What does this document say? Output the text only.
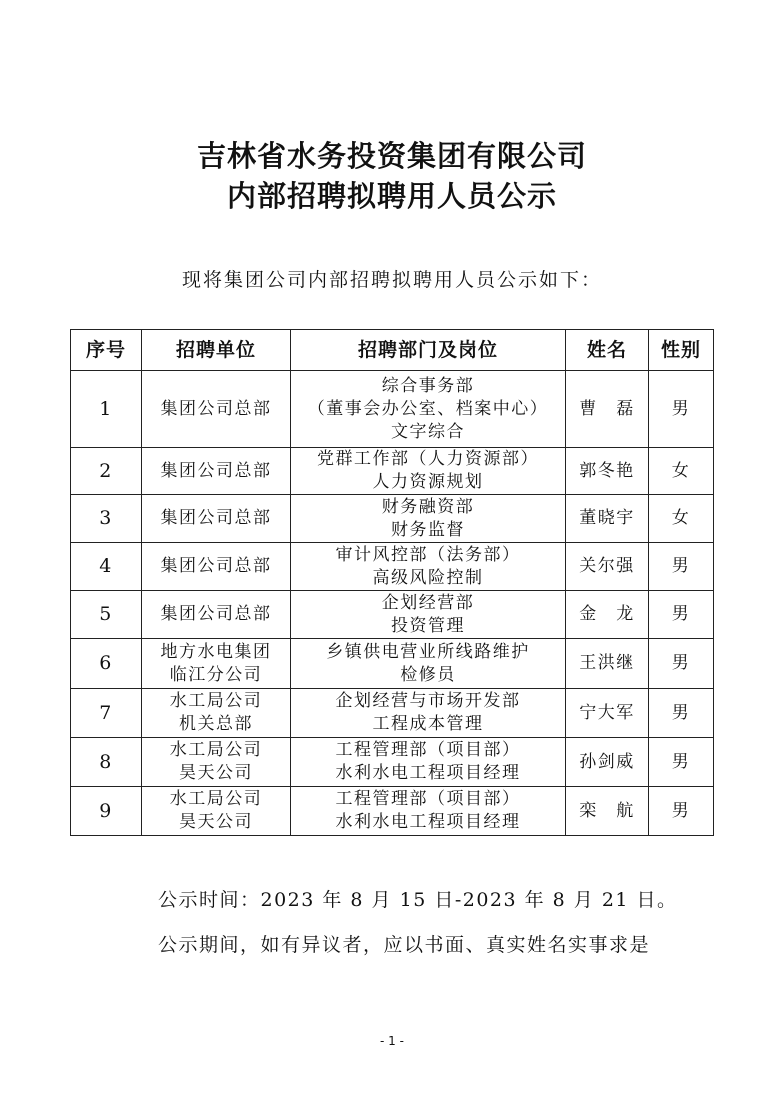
吉林省水务投资集团有限公司
内部招聘拟聘用人员公示
现将集团公司内部招聘拟聘用人员公示如下：
序号	招聘单位	招聘部门及岗位	姓名	性别
1	集团公司总部	综合事务部
（董事会办公室、档案中心）
文字综合	曹　磊	男
2	集团公司总部	党群工作部（人力资源部）
人力资源规划	郭冬艳	女
3	集团公司总部	财务融资部
财务监督	董晓宇	女
4	集团公司总部	审计风控部（法务部）
高级风险控制	关尔强	男
5	集团公司总部	企划经营部
投资管理	金　龙	男
6	地方水电集团
临江分公司	乡镇供电营业所线路维护
检修员	王洪继	男
7	水工局公司
机关总部	企划经营与市场开发部
工程成本管理	宁大军	男
8	水工局公司
昊天公司	工程管理部（项目部）
水利水电工程项目经理	孙剑威	男
9	水工局公司
昊天公司	工程管理部（项目部）
水利水电工程项目经理	栾　航	男
公示时间：2023 年 8 月 15 日-2023 年 8 月 21 日。
公示期间，如有异议者，应以书面、真实姓名实事求是
- 1 -
